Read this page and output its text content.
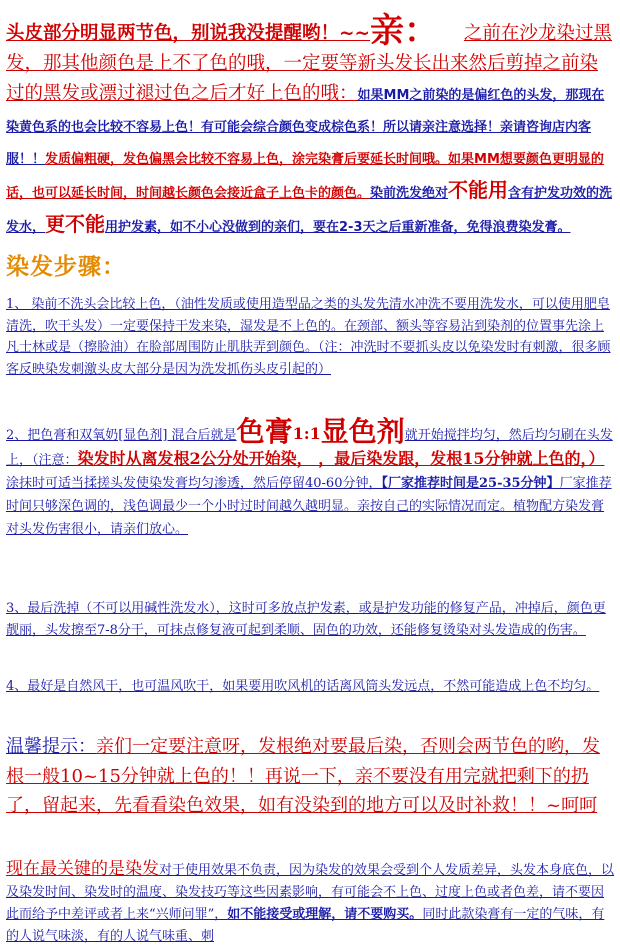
头皮部分明显两节色，别说我没提醒哟！~~亲： 之前在沙龙染过黑发，那其他颜色是上不了色的哦，一定要等新头发长出来然后剪掉之前染过的黑发或漂过褪过色之后才好上色的哦：如果MM之前染的是偏红色的头发，那现在染黄色系的也会比较不容易上色！有可能会综合颜色变成棕色系！所以请亲注意选择！亲请咨询店内客服！！发质偏粗硬，发色偏黑会比较不容易上色，涂完染膏后要延长时间哦。如果MM想要颜色更明显的话，也可以延长时间，时间越长颜色会接近盒子上色卡的颜色。染前洗发绝对不能用含有护发功效的洗发水，更不能用护发素，如不小心没做到的亲们，要在2-3天之后重新准备，免得浪费染发膏。

染发步骤：

1、 染前不洗头会比较上色，（油性发质或使用造型品之类的头发先清水冲洗不要用洗发水，可以使用肥皂清洗，吹干头发）一定要保持干发来染，湿发是不上色的。在颈部、额头等容易沾到染剂的位置事先涂上凡士林或是（擦脸油）在脸部周围防止肌肤弄到颜色。（注：冲洗时不要抓头皮以免染发时有刺激，很多顾客反映染发刺激头皮大部分是因为洗发抓伤头皮引起的）

2、把色膏和双氧奶[显色剂] 混合后就是色膏1:1显色剂就开始搅拌均匀，然后均匀刷在头发上，（注意：染发时从离发根2公分处开始染， ，最后染发跟，发根15分钟就上色的，）涂抹时可适当揉搓头发使染发膏均匀渗透，然后停留40-60分钟，【厂家推荐时间是25-35分钟】厂家推荐时间只够深色调的，浅色调最少一个小时过时间越久越明显。亲按自己的实际情况而定。植物配方染发膏对头发伤害很小，请亲们放心。

3、最后洗掉（不可以用碱性洗发水），这时可多放点护发素，或是护发功能的修复产品，冲掉后，颜色更靓丽，头发擦至7-8分干，可抹点修复液可起到柔顺、固色的功效，还能修复烫染对头发造成的伤害。

4、最好是自然风干，也可温风吹干，如果要用吹风机的话离风筒头发远点，不然可能造成上色不均匀。

温馨提示：亲们一定要注意呀，发根绝对要最后染，否则会两节色的哟，发根一般10~15分钟就上色的！！再说一下，亲不要没有用完就把剩下的扔了，留起来，先看看染色效果，如有没染到的地方可以及时补救！！~呵呵

现在最关键的是染发对于使用效果不负责，因为染发的效果会受到个人发质差异，头发本身底色，以及染发时间、染发时的温度、染发技巧等这些因素影响，有可能会不上色、过度上色或者色差，请不要因此而给予中差评或者上来“兴师问罪”，如不能接受或理解，请不要购买。同时此款染膏有一定的气味，有的人说气味淡，有的人说气味重、刺
